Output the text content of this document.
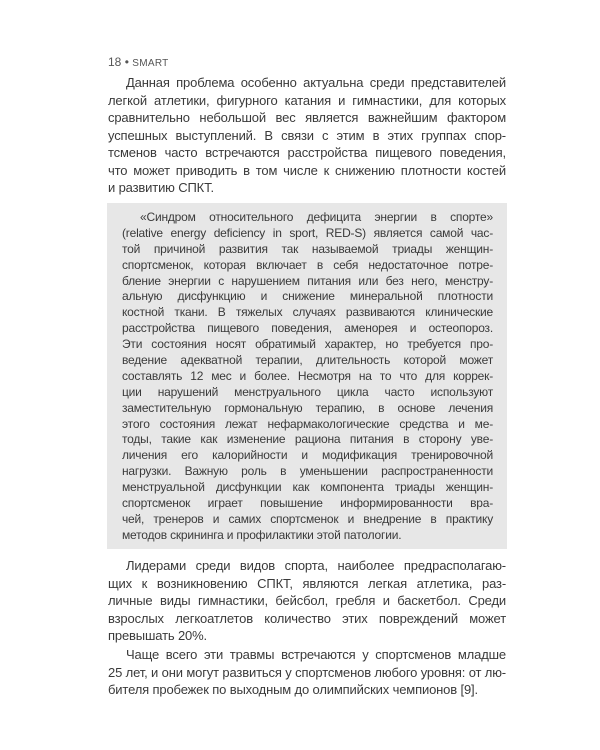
18 • SMART
Данная проблема особенно актуальна среди представителей
легкой атлетики, фигурного катания и гимнастики, для которых
сравнительно небольшой вес является важнейшим фактором
успешных выступлений. В связи с этим в этих группах спор-
тсменов часто встречаются расстройства пищевого поведения,
что может приводить в том числе к снижению плотности костей
и развитию СПКТ.
«Синдром относительного дефицита энергии в спорте»
(relative energy deficiency in sport, RED-S) является самой час-
той причиной развития так называемой триады женщин-
спортсменок, которая включает в себя недостаточное потре-
бление энергии с нарушением питания или без него, менстру-
альную дисфункцию и снижение минеральной плотности
костной ткани. В тяжелых случаях развиваются клинические
расстройства пищевого поведения, аменорея и остеопороз.
Эти состояния носят обратимый характер, но требуется про-
ведение адекватной терапии, длительность которой может
составлять 12 мес и более. Несмотря на то что для коррек-
ции нарушений менструального цикла часто используют
заместительную гормональную терапию, в основе лечения
этого состояния лежат нефармакологические средства и ме-
тоды, такие как изменение рациона питания в сторону уве-
личения его калорийности и модификация тренировочной
нагрузки. Важную роль в уменьшении распространенности
менструальной дисфункции как компонента триады женщин-
спортсменок играет повышение информированности вра-
чей, тренеров и самих спортсменок и внедрение в практику
методов скрининга и профилактики этой патологии.
Лидерами среди видов спорта, наиболее предрасполагаю-
щих к возникновению СПКТ, являются легкая атлетика, раз-
личные виды гимнастики, бейсбол, гребля и баскетбол. Среди
взрослых легкоатлетов количество этих повреждений может
превышать 20%.
Чаще всего эти травмы встречаются у спортсменов младше
25 лет, и они могут развиться у спортсменов любого уровня: от лю-
бителя пробежек по выходным до олимпийских чемпионов [9].
